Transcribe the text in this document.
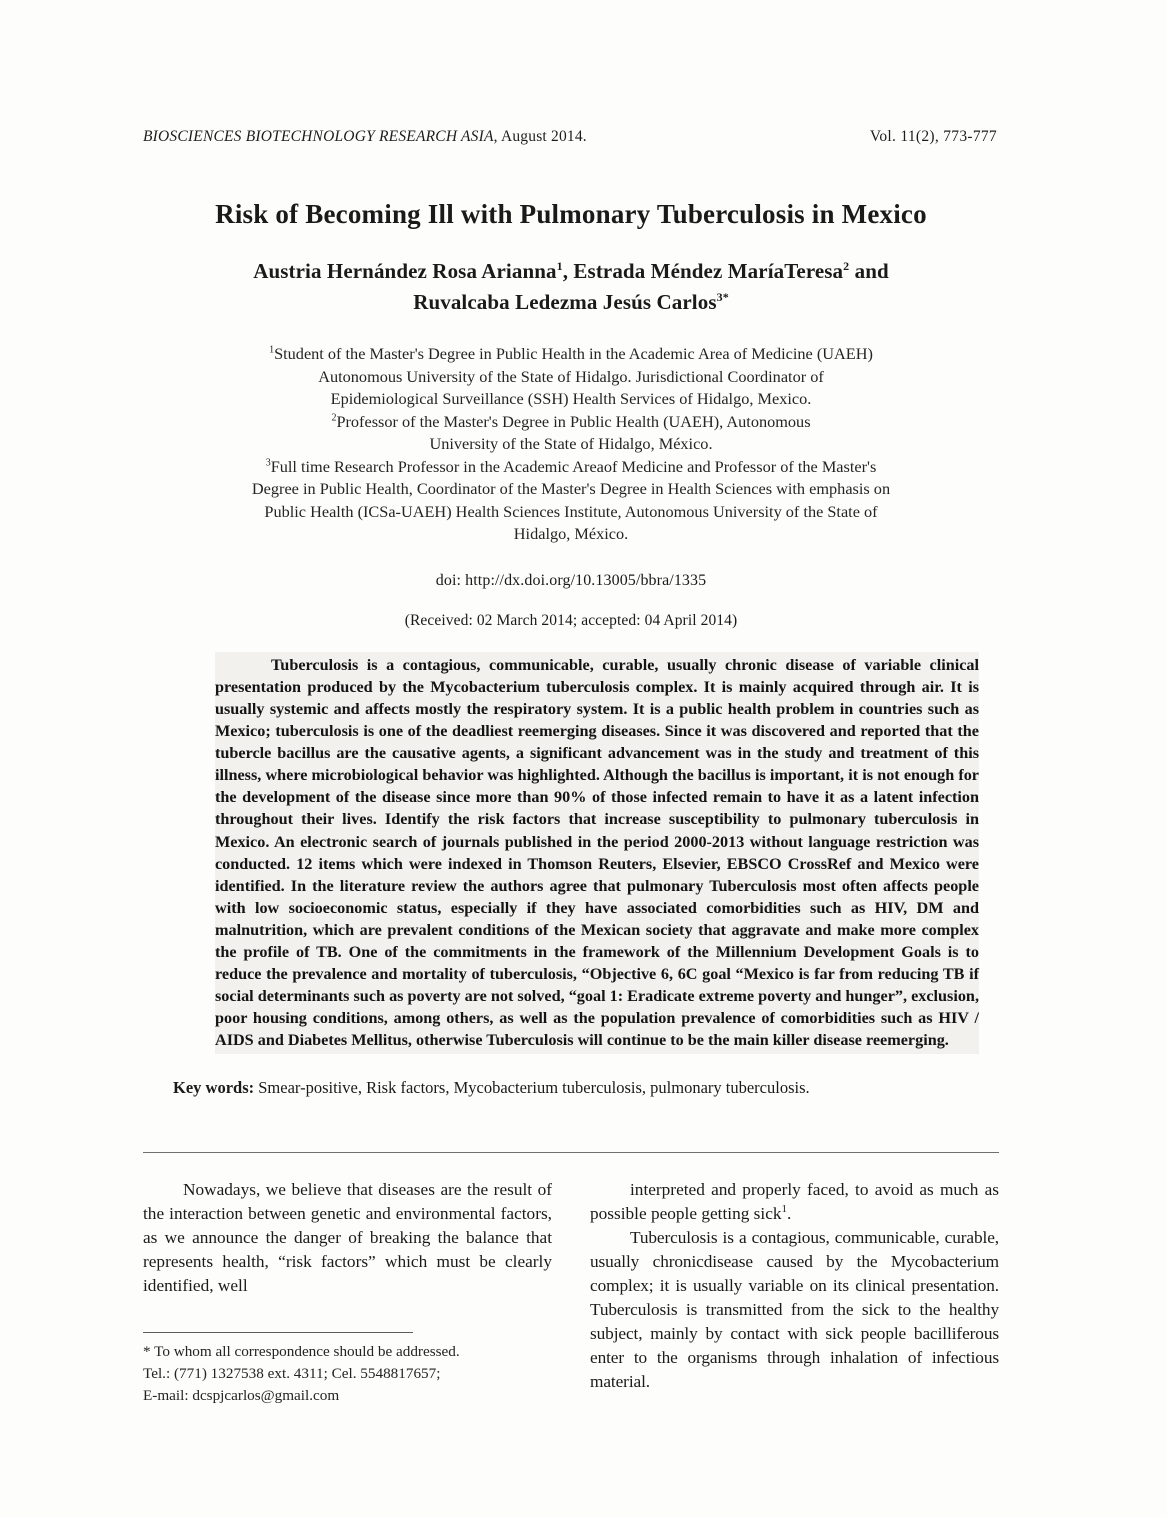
BIOSCIENCES BIOTECHNOLOGY RESEARCH ASIA, August 2014.	Vol. 11(2), 773-777
Risk of Becoming Ill with Pulmonary Tuberculosis in Mexico
Austria Hernández Rosa Arianna$^1$, Estrada Méndez MaríaTeresa$^2$ and
Ruvalcaba Ledezma Jesús Carlos$^{3*}$
$^1$Student of the Master's Degree in Public Health in the Academic Area of Medicine (UAEH)
Autonomous University of the State of Hidalgo. Jurisdictional Coordinator of
Epidemiological Surveillance (SSH) Health Services of Hidalgo, Mexico.
$^2$Professor of the Master's Degree in Public Health (UAEH), Autonomous
University of the State of Hidalgo, México.
$^3$Full time Research Professor in the Academic Areaof Medicine and Professor of the Master's
Degree in Public Health, Coordinator of the Master's Degree in Health Sciences with emphasis on
Public Health (ICSa-UAEH) Health Sciences Institute, Autonomous University of the State of
Hidalgo, México.
doi: http://dx.doi.org/10.13005/bbra/1335
(Received: 02 March 2014; accepted: 04 April 2014)
Tuberculosis is a contagious, communicable, curable, usually chronic disease of variable clinical presentation produced by the Mycobacterium tuberculosis complex. It is mainly acquired through air. It is usually systemic and affects mostly the respiratory system. It is a public health problem in countries such as Mexico; tuberculosis is one of the deadliest reemerging diseases. Since it was discovered and reported that the tubercle bacillus are the causative agents, a significant advancement was in the study and treatment of this illness, where microbiological behavior was highlighted. Although the bacillus is important, it is not enough for the development of the disease since more than 90% of those infected remain to have it as a latent infection throughout their lives. Identify the risk factors that increase susceptibility to pulmonary tuberculosis in Mexico. An electronic search of journals published in the period 2000-2013 without language restriction was conducted. 12 items which were indexed in Thomson Reuters, Elsevier, EBSCO CrossRef and Mexico were identified. In the literature review the authors agree that pulmonary Tuberculosis most often affects people with low socioeconomic status, especially if they have associated comorbidities such as HIV, DM and malnutrition, which are prevalent conditions of the Mexican society that aggravate and make more complex the profile of TB. One of the commitments in the framework of the Millennium Development Goals is to reduce the prevalence and mortality of tuberculosis, “Objective 6, 6C goal “Mexico is far from reducing TB if social determinants such as poverty are not solved, “goal 1: Eradicate extreme poverty and hunger”, exclusion, poor housing conditions, among others, as well as the population prevalence of comorbidities such as HIV / AIDS and Diabetes Mellitus, otherwise Tuberculosis will continue to be the main killer disease reemerging.
Key words: Smear-positive, Risk factors, Mycobacterium tuberculosis, pulmonary tuberculosis.

Nowadays, we believe that diseases are the result of the interaction between genetic and environmental factors, as we announce the danger of breaking the balance that represents health, “risk factors” which must be clearly identified, well

interpreted and properly faced, to avoid as much as possible people getting sick$^1$.

Tuberculosis is a contagious, communicable, curable, usually chronicdisease caused by the Mycobacterium complex; it is usually variable on its clinical presentation. Tuberculosis is transmitted from the sick to the healthy subject, mainly by contact with sick people bacilliferous enter to the organisms through inhalation of infectious material.

* To whom all correspondence should be addressed.
Tel.: (771) 1327538 ext. 4311; Cel. 5548817657;
E-mail: dcspjcarlos@gmail.com
